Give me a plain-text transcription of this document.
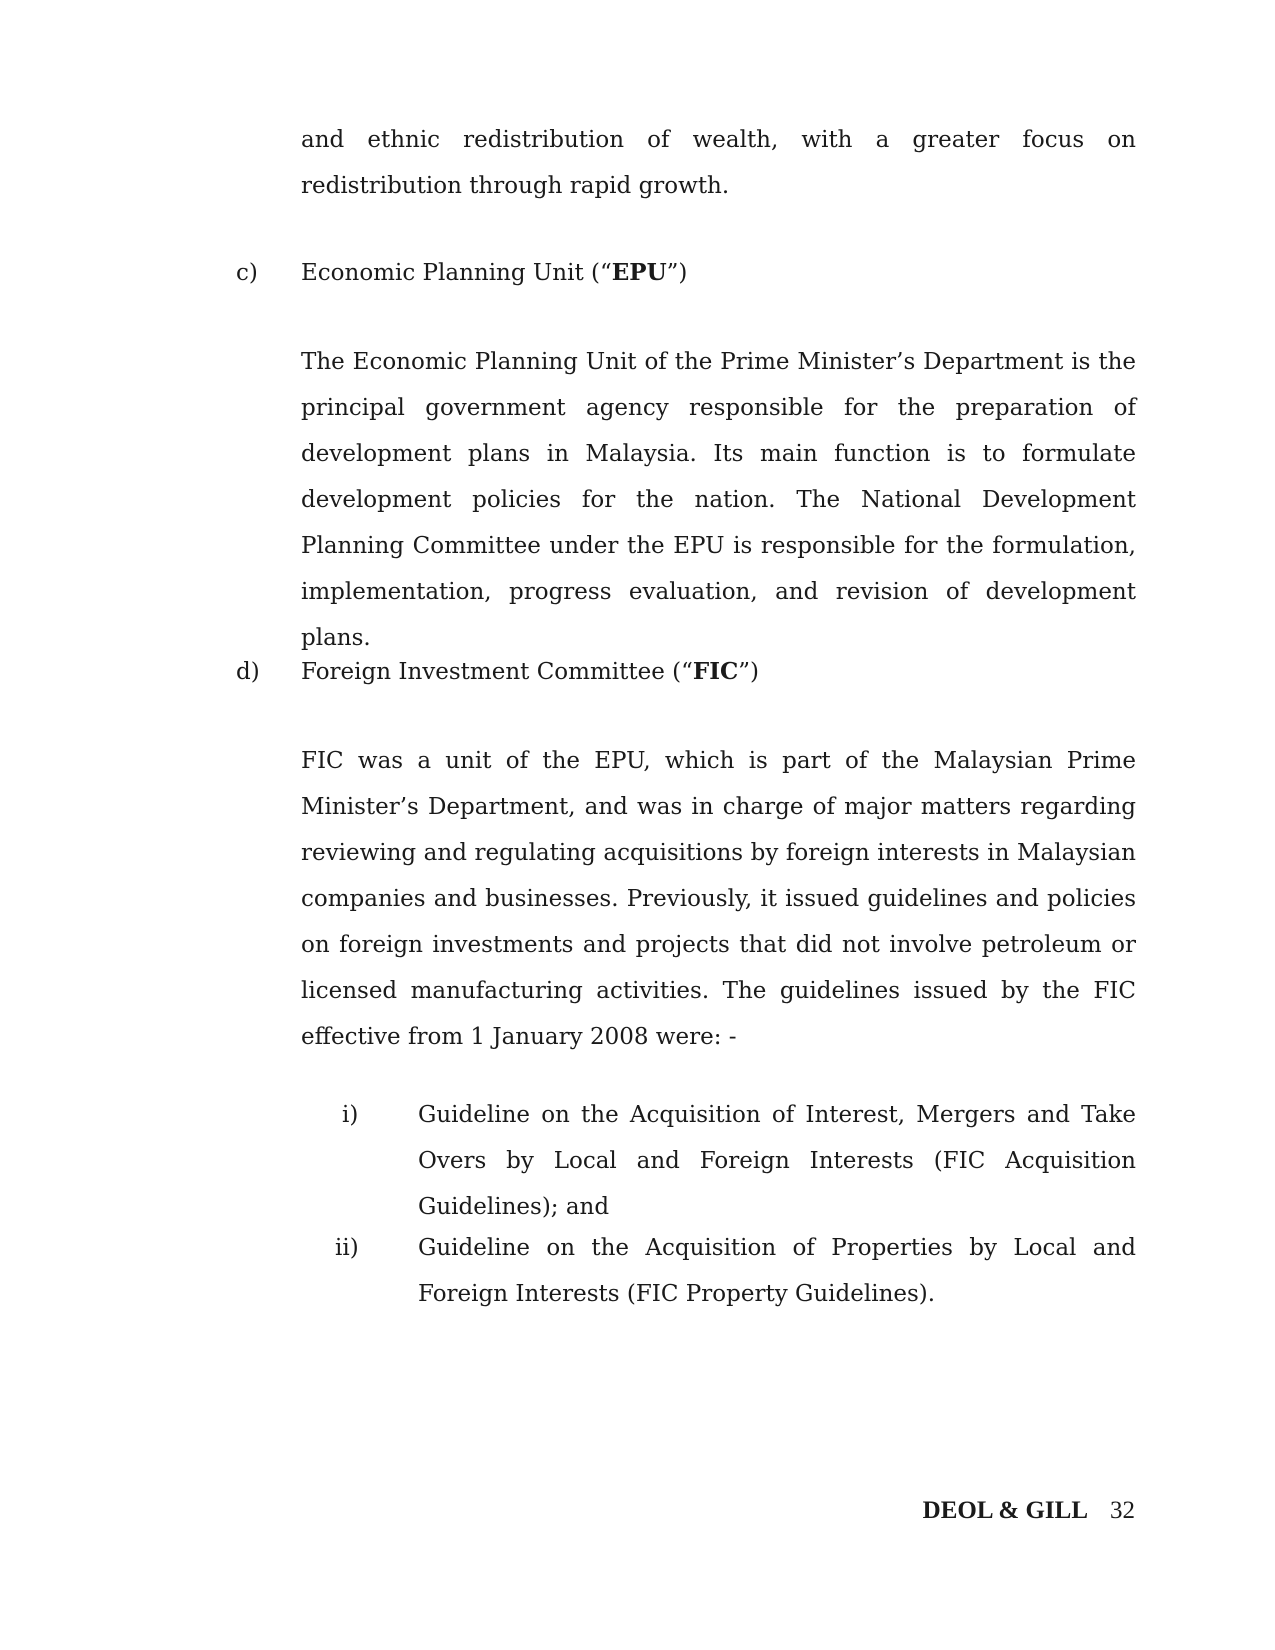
and ethnic redistribution of wealth, with a greater focus on redistribution through rapid growth.

c) Economic Planning Unit (“EPU”)

The Economic Planning Unit of the Prime Minister’s Department is the principal government agency responsible for the preparation of development plans in Malaysia. Its main function is to formulate development policies for the nation. The National Development Planning Committee under the EPU is responsible for the formulation, implementation, progress evaluation, and revision of development plans.

d) Foreign Investment Committee (“FIC”)

FIC was a unit of the EPU, which is part of the Malaysian Prime Minister’s Department, and was in charge of major matters regarding reviewing and regulating acquisitions by foreign interests in Malaysian companies and businesses. Previously, it issued guidelines and policies on foreign investments and projects that did not involve petroleum or licensed manufacturing activities. The guidelines issued by the FIC effective from 1 January 2008 were: -

i)	Guideline on the Acquisition of Interest, Mergers and Take Overs by Local and Foreign Interests (FIC Acquisition Guidelines); and

ii)	Guideline on the Acquisition of Properties by Local and Foreign Interests (FIC Property Guidelines).

DEOL & GILL 32
